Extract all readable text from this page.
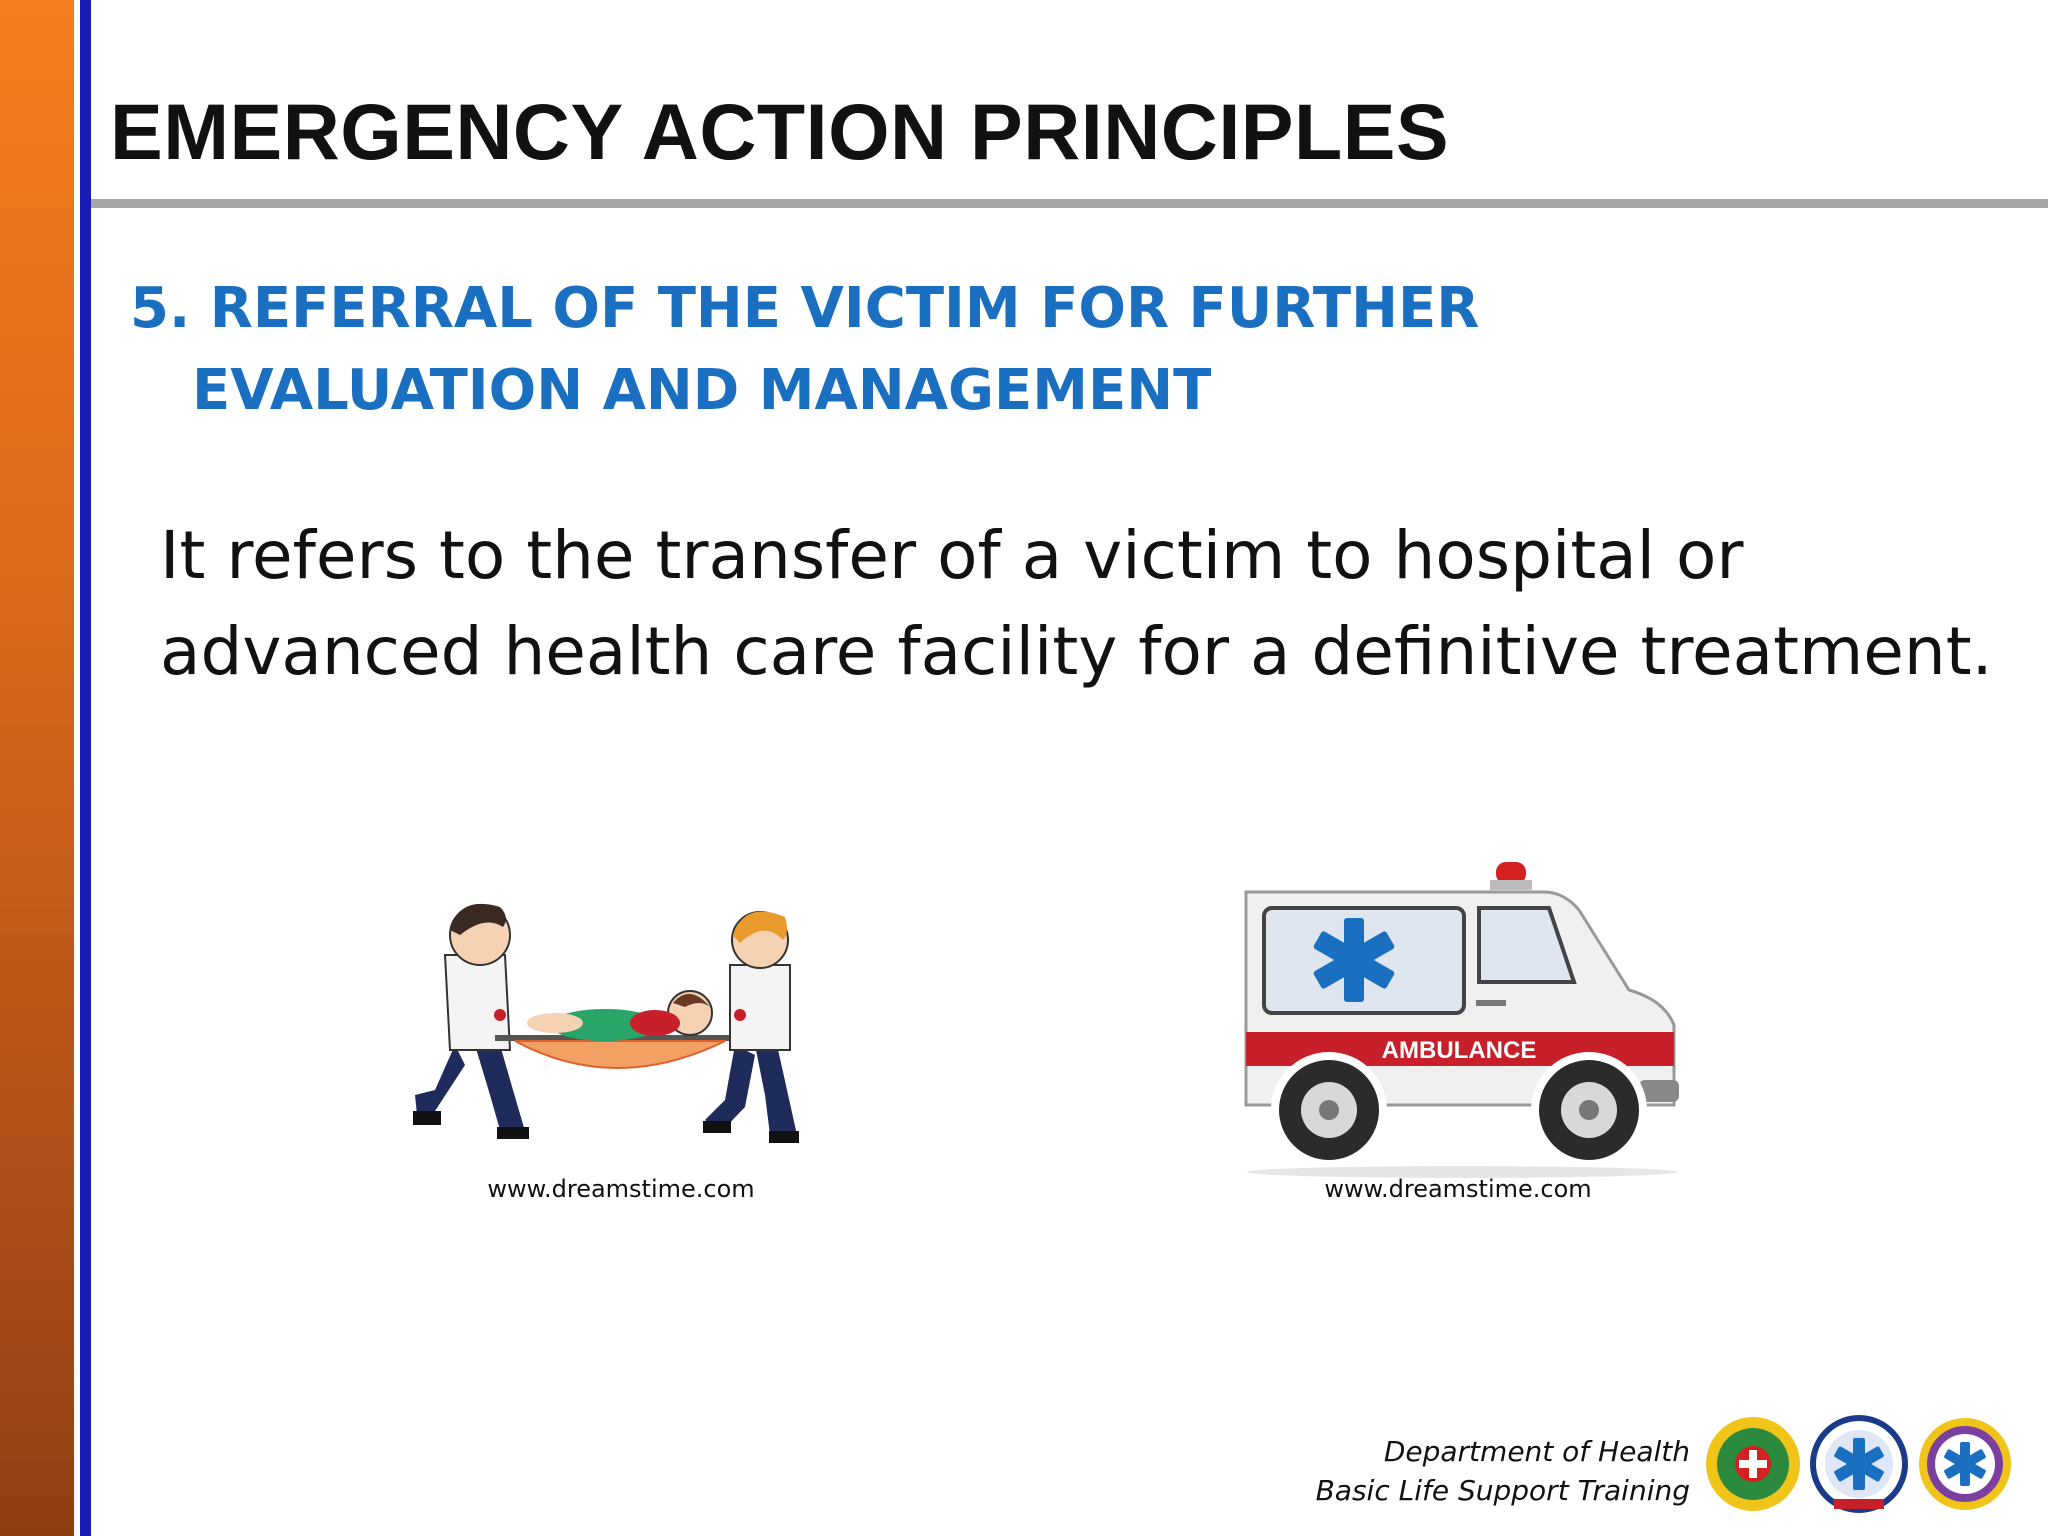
EMERGENCY ACTION PRINCIPLES
5. REFERRAL OF THE VICTIM FOR FURTHER
EVALUATION AND MANAGEMENT

It refers to the transfer of a victim to hospital or
advanced health care facility for a definitive treatment.

www.dreamstime.com
AMBULANCE
www.dreamstime.com
Department of Health
Basic Life Support Training
